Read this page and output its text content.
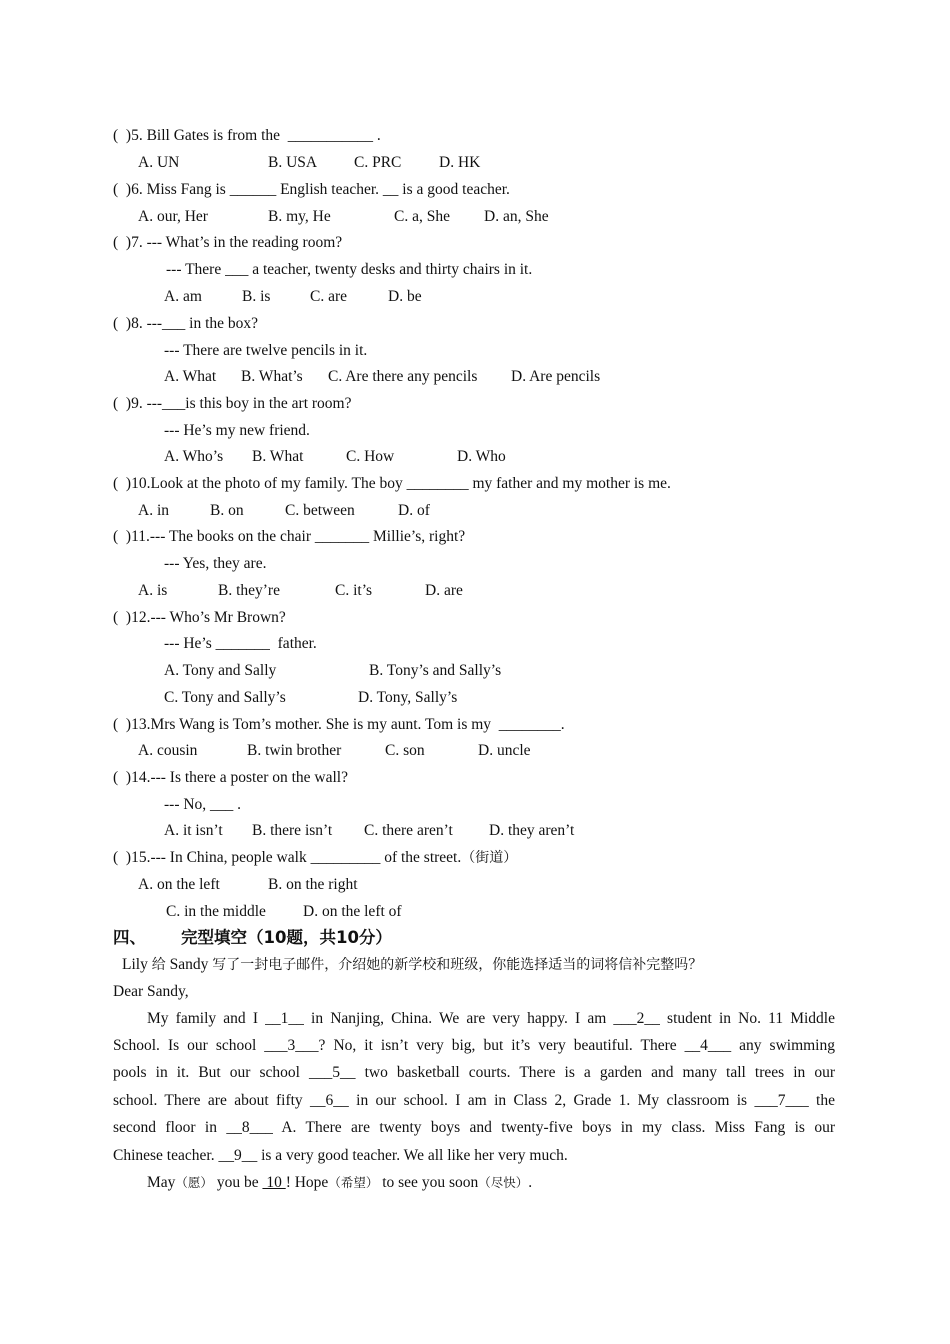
(  )5. Bill Gates is from the  ___________ .
A. UN	B. USA C. PRC D. HK
(  )6. Miss Fang is ______ English teacher. __ is a good teacher.
A. our, Her	B. my, He	C. a, She D. an, She
(  )7. --- What’s in the reading room?
--- There ___ a teacher, twenty desks and thirty chairs in it.
A. am	B. is	C. are	D. be
(  )8. ---___ in the box?
--- There are twelve pencils in it.
A. What B. What’s C. Are there any pencils D. Are pencils
(  )9. ---___is this boy in the art room?
--- He’s my new friend.
A. Who’s B. What	C. How	D. Who
(  )10.Look at the photo of my family. The boy ________ my father and my mother is me.
A. in	B. on	C. between	D. of
(  )11.--- The books on the chair _______ Millie’s, right?
--- Yes, they are.
A. is	B. they’re	C. it’s	D. are
(  )12.--- Who’s Mr Brown?
--- He’s _______  father.
A. Tony and Sally	B. Tony’s and Sally’s
C. Tony and Sally’s	D. Tony, Sally’s
(  )13.Mrs Wang is Tom’s mother. She is my aunt. Tom is my  ________.
A. cousin	B. twin brother	C. son	D. uncle
(  )14.--- Is there a poster on the wall?
--- No, ___ .
A. it isn’t B. there isn’t C. there aren’t D. they aren’t
(  )15.--- In China, people walk _________ of the street.（街道）
A. on the left	B. on the right
C. in the middle D. on the left of
四、 完型填空（10题，共10分）
Lily 给 Sandy 写了一封电子邮件，介绍她的新学校和班级，你能选择适当的词将信补完整吗？
Dear Sandy,
My family and I __1__ in Nanjing, China. We are very happy. I am ___2__ student in No. 11 Middle
School. Is our school ___3___? No, it isn’t very big, but it’s very beautiful. There __4___ any swimming
pools in it. But our school ___5__ two basketball courts. There is a garden and many tall trees in our
school. There are about fifty __6__ in our school. I am in Class 2, Grade 1. My classroom is ___7___ the
second floor in __8___ A. There are twenty boys and twenty-five boys in my class. Miss Fang is our
Chinese teacher. __9__ is a very good teacher. We all like her very much.
May（愿） you be  10 ! Hope（希望） to see you soon（尽快）.
